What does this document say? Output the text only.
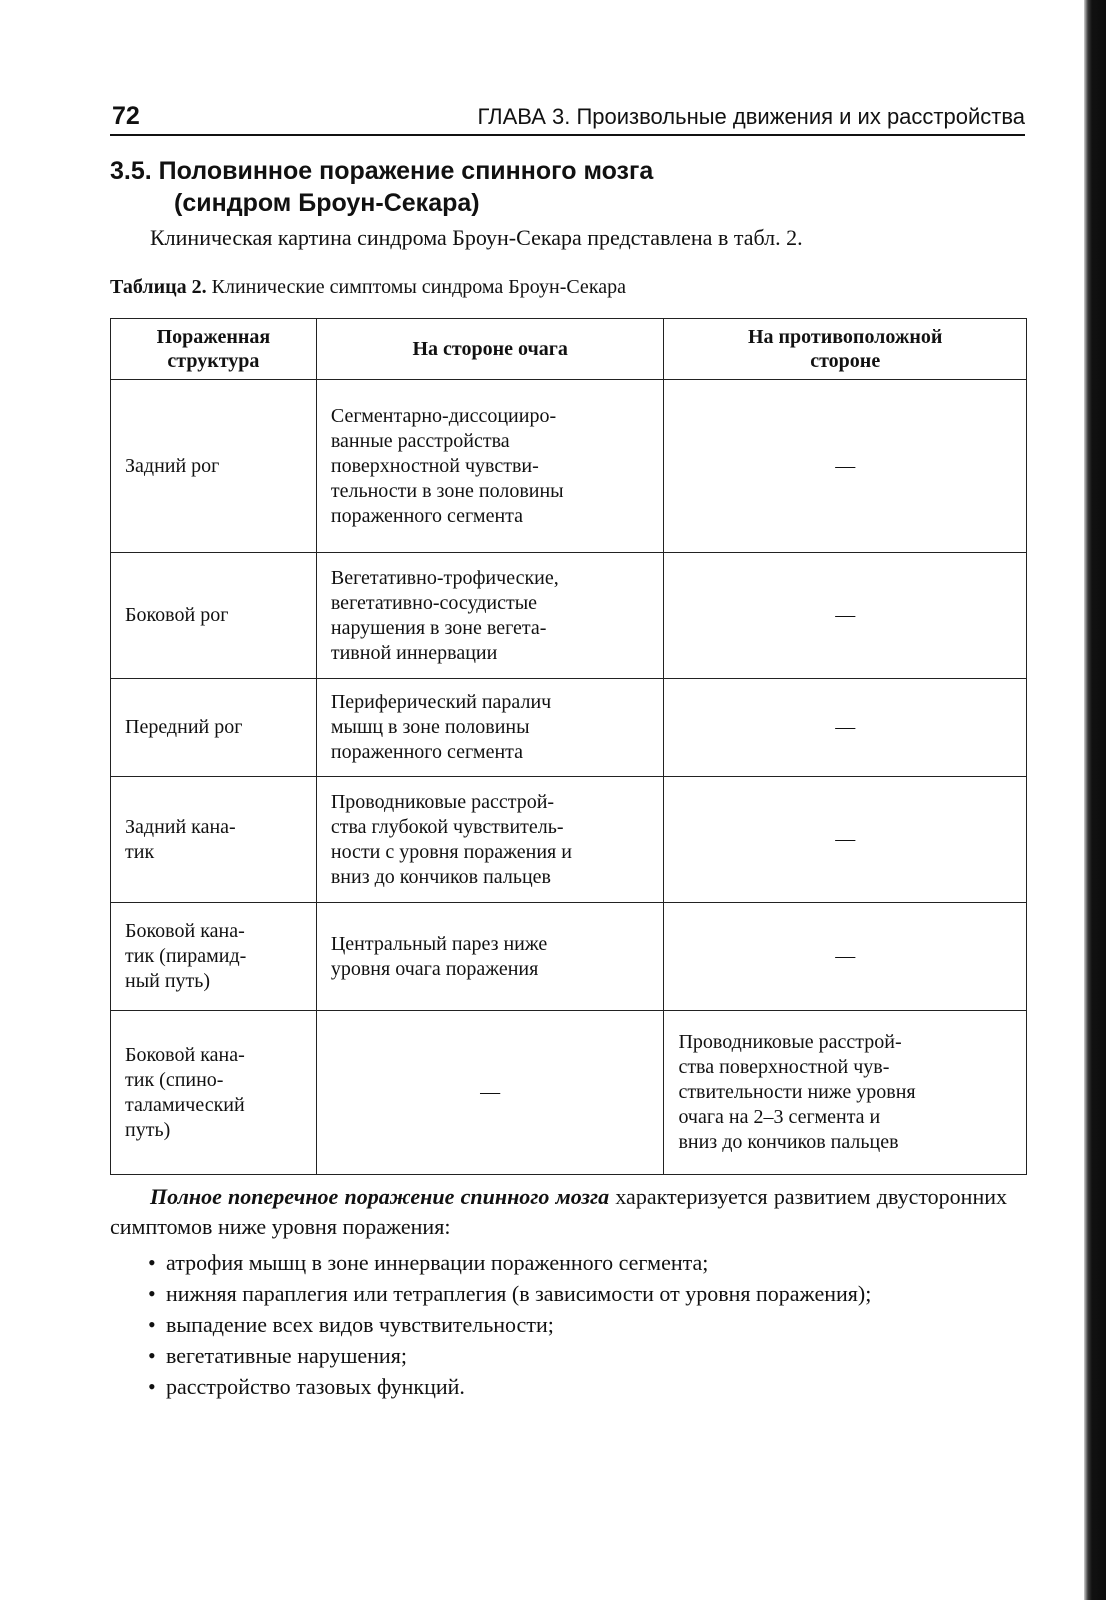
72	ГЛАВА 3. Произвольные движения и их расстройства
3.5. Половинное поражение спинного мозга
(синдром Броун-Секара)
Клиническая картина синдрома Броун-Секара представлена в табл. 2.
Таблица 2. Клинические симптомы синдрома Броун-Секара
Пораженная
структура	На стороне очага	На противоположной
стороне
Задний рог	Сегментарно-диссоцииро-
ванные расстройства
поверхностной чувстви-
тельности в зоне половины
пораженного сегмента	—
Боковой рог	Вегетативно-трофические,
вегетативно-сосудистые
нарушения в зоне вегета-
тивной иннервации	—
Передний рог	Периферический паралич
мышц в зоне половины
пораженного сегмента	—
Задний кана-
тик	Проводниковые расстрой-
ства глубокой чувствитель-
ности с уровня поражения и
вниз до кончиков пальцев	—
Боковой кана-
тик (пирамид-
ный путь)	Центральный парез ниже
уровня очага поражения	—
Боковой кана-
тик (спино-
таламический
путь)	—	Проводниковые расстрой-
ства поверхностной чув-
ствительности ниже уровня
очага на 2–3 сегмента и
вниз до кончиков пальцев
Полное поперечное поражение спинного мозга характеризуется развитием двусторонних симптомов ниже уровня поражения:
• атрофия мышц в зоне иннервации пораженного сегмента;
• нижняя параплегия или тетраплегия (в зависимости от уровня поражения);
• выпадение всех видов чувствительности;
• вегетативные нарушения;
• расстройство тазовых функций.
